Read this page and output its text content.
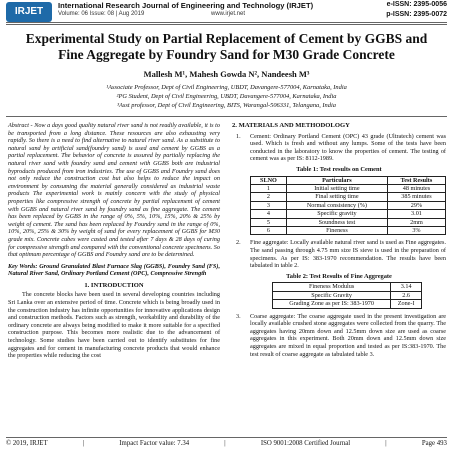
IRJET
International Research Journal of Engineering and Technology (IRJET)
Volume: 06 Issue: 08 | Aug 2019	www.irjet.net
e-ISSN: 2395-0056
p-ISSN: 2395-0072
Experimental Study on Partial Replacement of Cement by GGBS and
Fine Aggregate by Foundry Sand for M30 Grade Concrete
Mallesh M¹, Mahesh Gowda N², Nandeesh M³
¹Associate Professor, Dept of Civil Engineering, UBDT, Davangere-577004, Karnataka, India
²PG Student, Dept of Civil Engineering, UBDT, Davangere-577004, Karnataka, India
³Asst professor, Dept of Civil Engineering, BITS, Warangal-506331, Telangana, India
Abstract - Now a days good quality natural river sand is not readily available, it is to be transported from a long distance. These resources are also exhausting very rapidly. So there is a need to find alternative to natural river sand. As a substitute to natural sand by artificial sand(foundry sand) is used and cement by GGBS as a partial replacement. The behavior of concrete is assured by partially replacing the natural river sand with foundry sand and cement with GGBS both are industrial byproducts produced from iron industries. The use of GGBS and Foundry sand does not only reduce the construction cost but also helps to reduce the impact on environment by consuming the material generally considered as industrial waste products The experimental work is mainly concern with the study of physical properties like compressive strength of concrete by partial replacement of cement with GGBS and natural river sand by foundry sand as fine aggregate. The cement has been replaced by GGBS in the range of 0%, 5%, 10%, 15%, 20% & 25% by weight of cement. The sand has been replaced by Foundry sand in the range of 0%, 10%, 20%, 25% & 30% by weight of sand for every replacement of GGBS for M30 grade mix. Concrete cubes were casted and tested after 7 days & 28 days of curing for compressive strength and compared with the conventional concrete specimens. So that optimum percentage of GGBS and Foundry sand are to be determined.
Key Words: Ground Granulated Blast Furnace Slag (GGBS), Foundry Sand (FS), Natural River Sand, Ordinary Portland Cement (OPC), Compressive Strength
1. INTRODUCTION
The concrete blocks have been used in several developing countries including Sri Lanka over an extensive period of time. Concrete which is being broadly used in the construction industry has infinite opportunities for innovative applications design and construction methods. Factors such as strength, workability and durability of the ordinary concrete are always being modified to make it more suitable for a specified construction purpose. This becomes more realistic due to the advancement of technology. Some studies have been carried out to identify substitutes for fine aggregates and for cement in manufacturing concrete products that would enhance the properties while reducing the cost
2. MATERIALS AND METHODOLOGY
1.	Cement: Ordinary Portland Cement (OPC) 43 grade (Ultratech) cement was used. Which is fresh and without any lumps. Some of the tests have been conducted in the laboratory to know the properties of cement. The testing of cement was as per IS: 8112-1989.
Table 1: Test results on Cement
SLNO	Particulars	Test Results
1	Initial setting time	48 minutes
2	Final setting time	385 minutes
3	Normal consistency (%)	29%
4	Specific gravity	3.01
5	Soundness test	2mm
6	Fineness	3%
2.	Fine aggregate: Locally available natural river sand is used as Fine aggregates. The sand passing through 4.75 mm size IS sieve is used in the preparation of specimens. As per IS: 383-1970 recommendation. The results have been tabulated in table 2.
Table 2: Test Results of Fine Aggregate
Fineness Modulus	3.14
Specific Gravity	2.6
Grading Zone as per IS: 383-1970	Zone-I
3.	Coarse aggregate: The coarse aggregate used in the present investigation are locally available crushed stone aggregates were collected from the quarry. The aggregates having 20mm down and 12.5mm down size are used as coarse aggregates in this experiment. Both 20mm down and 12.5mm down size aggregates are mixed in equal proportion and tested as per IS:383-1970. The test result of coarse aggregate as tabulated table 3.
© 2019, IRJET	|	Impact Factor value: 7.34	|	ISO 9001:2008 Certified Journal	|	Page 493
